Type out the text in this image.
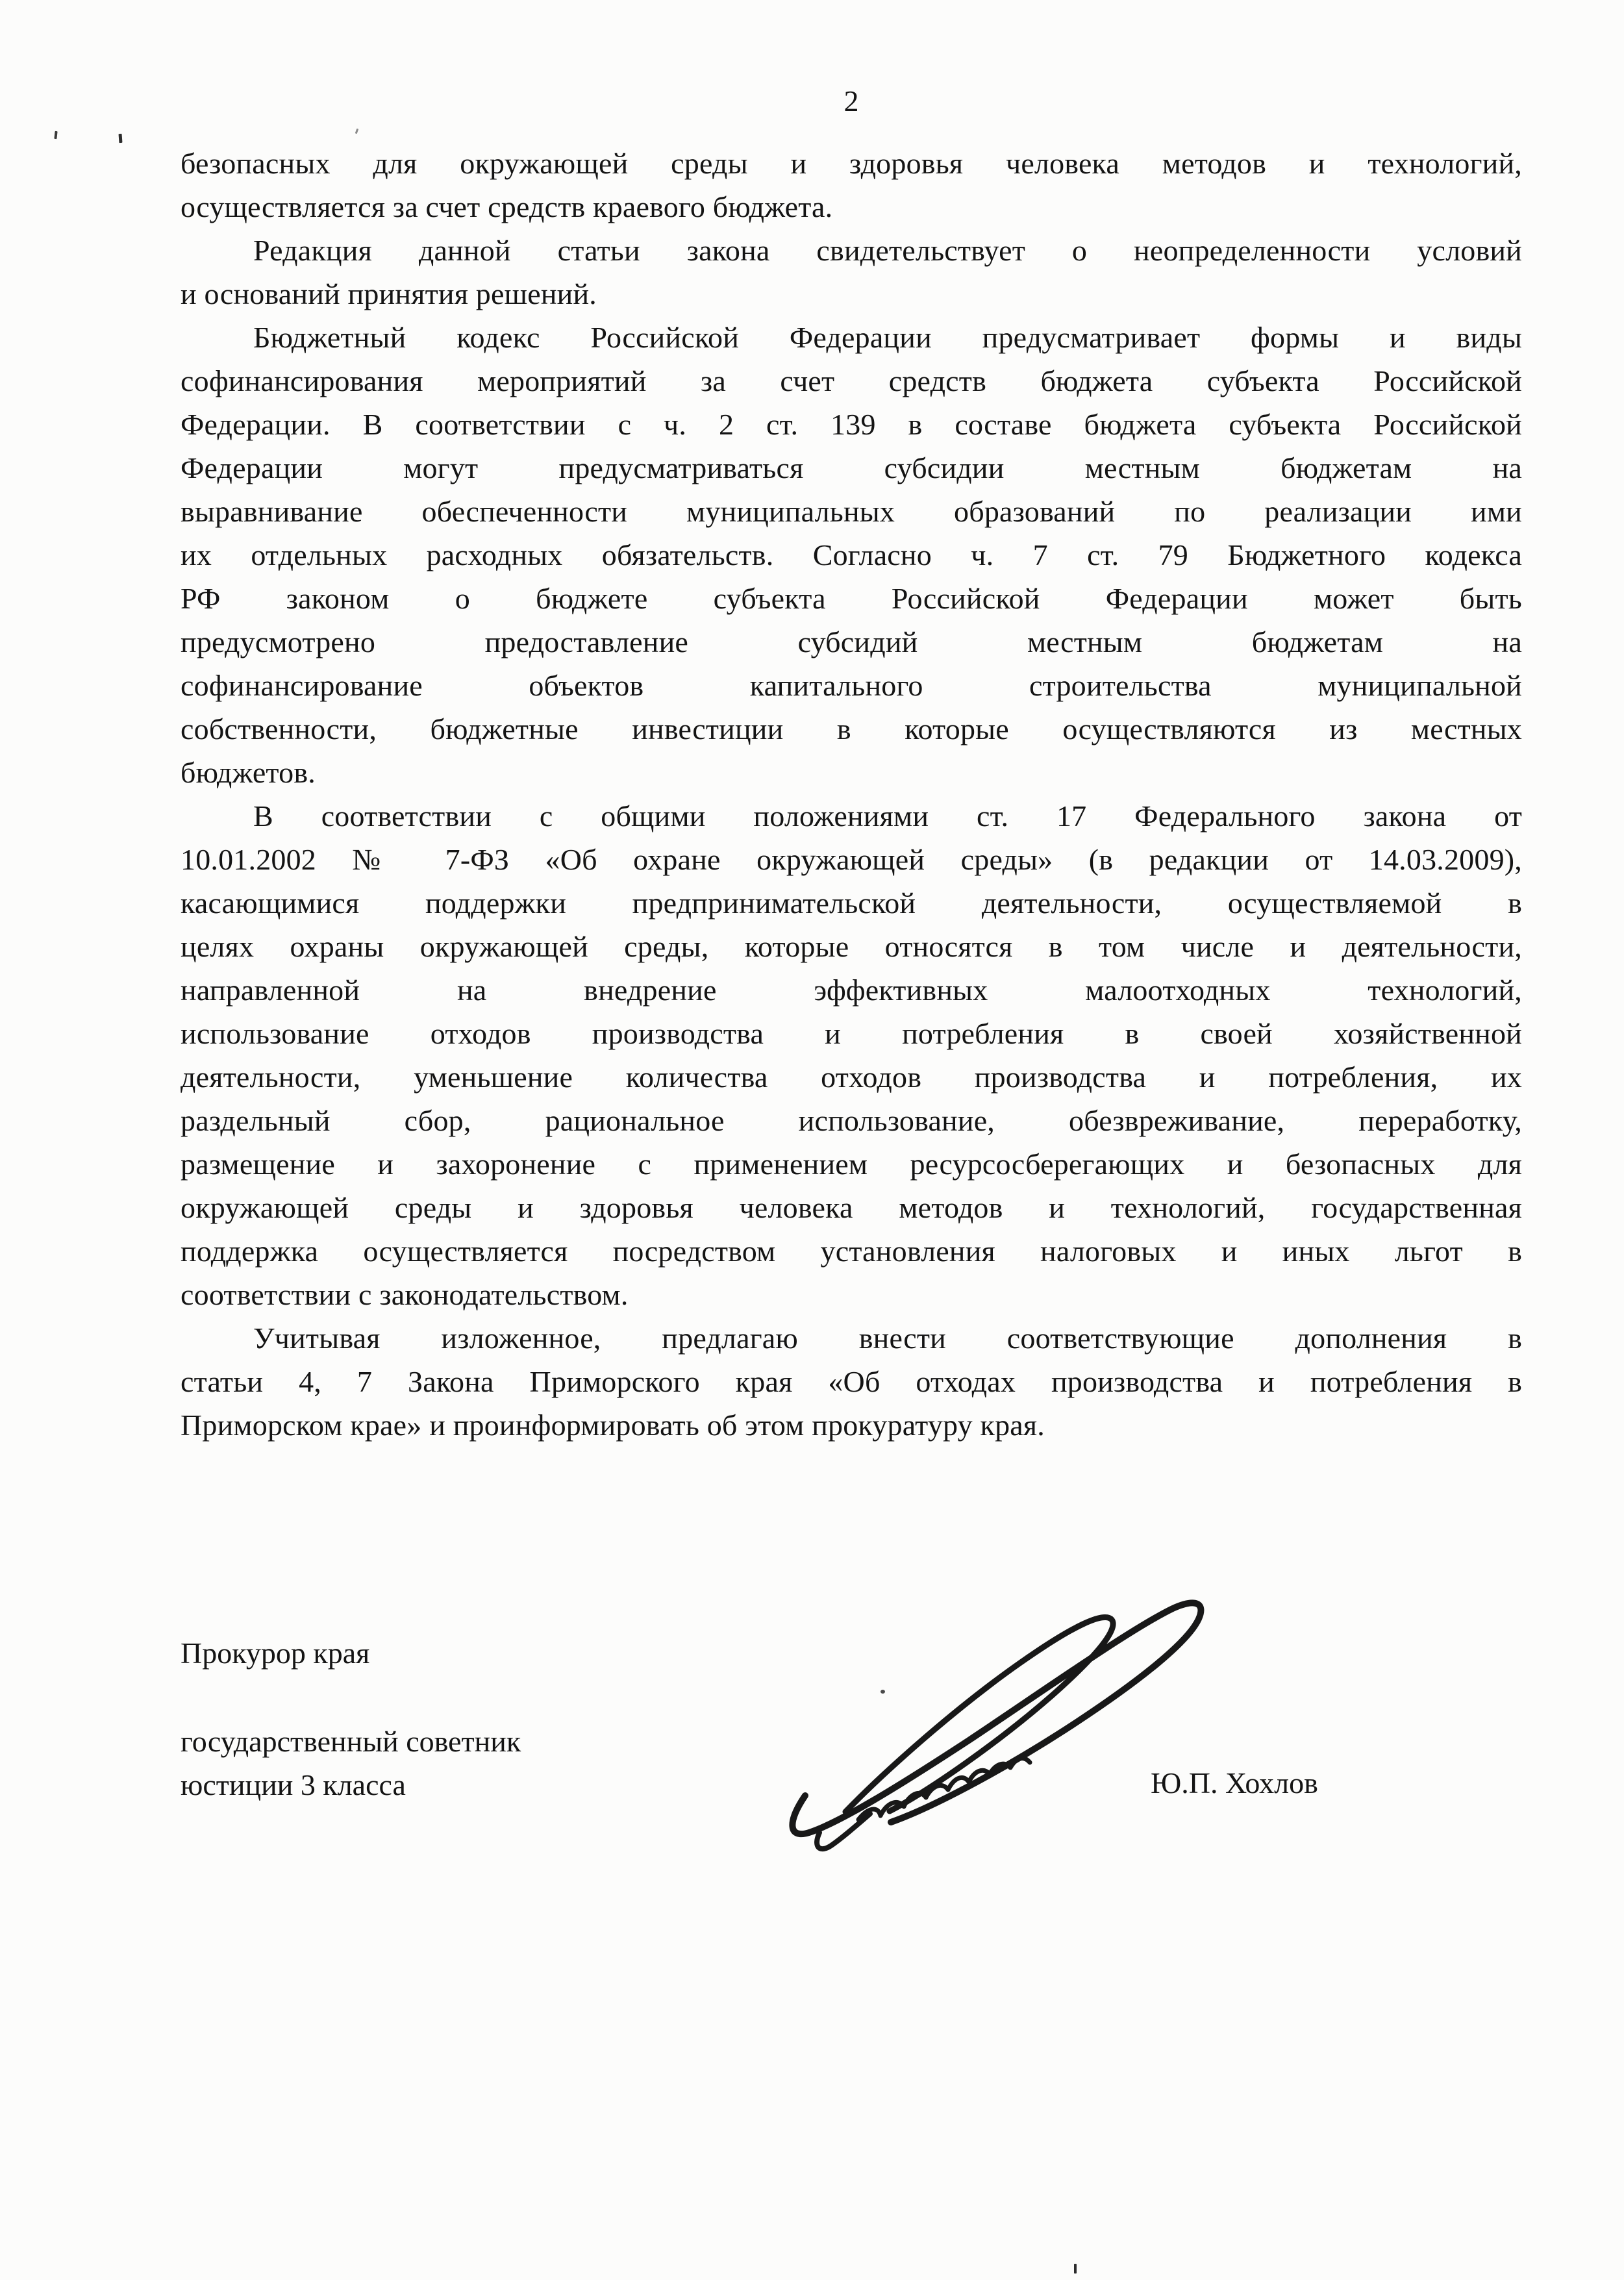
2
безопасных для окружающей среды и здоровья человека методов и технологий,
осуществляется за счет средств краевого бюджета.
Редакция данной статьи закона свидетельствует о неопределенности условий
и оснований принятия решений.
Бюджетный кодекс Российской Федерации предусматривает формы и виды
софинансирования мероприятий за счет средств бюджета субъекта Российской
Федерации. В соответствии с ч. 2 ст. 139 в составе бюджета субъекта Российской
Федерации могут предусматриваться субсидии местным бюджетам на
выравнивание обеспеченности муниципальных образований по реализации ими
их отдельных расходных обязательств. Согласно ч. 7 ст. 79 Бюджетного кодекса
РФ законом о бюджете субъекта Российской Федерации может быть
предусмотрено предоставление субсидий местным бюджетам на
софинансирование объектов капитального строительства муниципальной
собственности, бюджетные инвестиции в которые осуществляются из местных
бюджетов.
В соответствии с общими положениями ст. 17 Федерального закона от
10.01.2002 № 7-ФЗ «Об охране окружающей среды» (в редакции от 14.03.2009),
касающимися поддержки предпринимательской деятельности, осуществляемой в
целях охраны окружающей среды, которые относятся в том числе и деятельности,
направленной на внедрение эффективных малоотходных технологий,
использование отходов производства и потребления в своей хозяйственной
деятельности, уменьшение количества отходов производства и потребления, их
раздельный сбор, рациональное использование, обезвреживание, переработку,
размещение и захоронение с применением ресурсосберегающих и безопасных для
окружающей среды и здоровья человека методов и технологий, государственная
поддержка осуществляется посредством установления налоговых и иных льгот в
соответствии с законодательством.
Учитывая изложенное, предлагаю внести соответствующие дополнения в
статьи 4, 7 Закона Приморского края «Об отходах производства и потребления в
Приморском крае» и проинформировать об этом прокуратуру края.
Прокурор края
государственный советник
юстиции 3 класса	Ю.П. Хохлов
